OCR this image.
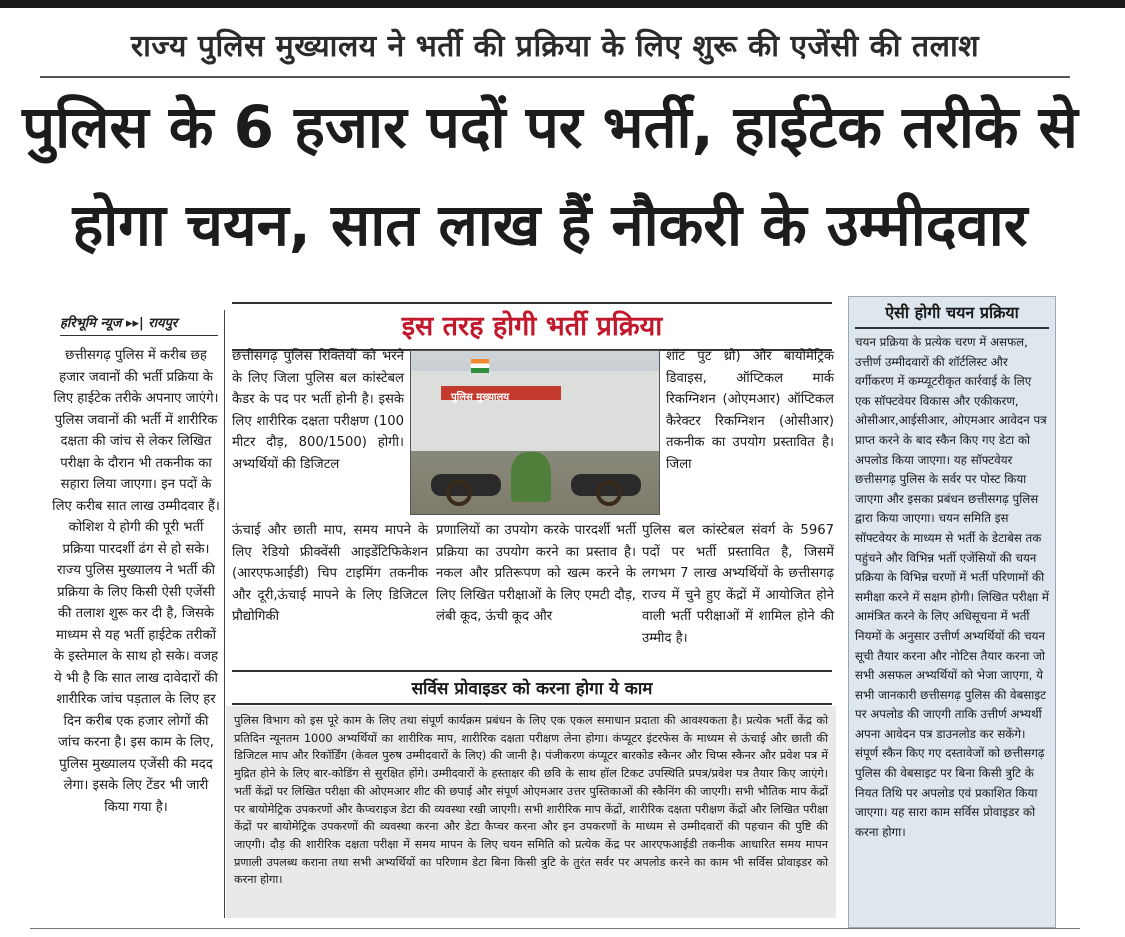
राज्य पुलिस मुख्यालय ने भर्ती की प्रक्रिया के लिए शुरू की एजेंसी की तलाश
पुलिस के 6 हजार पदों पर भर्ती, हाईटेक तरीके से
होगा चयन, सात लाख हैं नौकरी के उम्मीदवार
हरिभूमि न्यूज ▸▸| रायपुर
छत्तीसगढ़ पुलिस में करीब छह हजार जवानों की भर्ती प्रक्रिया के लिए हाईटेक तरीके अपनाए जाएंगे। पुलिस जवानों की भर्ती में शारीरिक दक्षता की जांच से लेकर लिखित परीक्षा के दौरान भी तकनीक का सहारा लिया जाएगा। इन पदों के लिए करीब सात लाख उम्मीदवार हैं। कोशिश ये होगी की पूरी भर्ती प्रक्रिया पारदर्शी ढंग से हो सके। राज्य पुलिस मुख्यालय ने भर्ती की प्रक्रिया के लिए किसी ऐसी एजेंसी की तलाश शुरू कर दी है, जिसके माध्यम से यह भर्ती हाईटेक तरीकों के इस्तेमाल के साथ हो सके। वजह ये भी है कि सात लाख दावेदारों की शारीरिक जांच पड़ताल के लिए हर दिन करीब एक हजार लोगों की जांच करना है। इस काम के लिए, पुलिस मुख्यालय एजेंसी की मदद लेगा। इसके लिए टेंडर भी जारी किया गया है।
इस तरह होगी भर्ती प्रक्रिया
छत्तीसगढ़ पुलिस रिक्तियों को भरने के लिए जिला पुलिस बल कांस्टेबल कैडर के पद पर भर्ती होनी है। इसके लिए शारीरिक दक्षता परीक्षण (100 मीटर दौड़, 800/1500) होगी। अभ्यर्थियों की डिजिटल
पुलिस मुख्यालय
शॉट पुट थ्रो) और बायोमेट्रिक डिवाइस, ऑप्टिकल मार्क रिकग्निशन (ओएमआर) ऑप्टिकल कैरेक्टर रिकग्निशन (ओसीआर) तकनीक का उपयोग प्रस्तावित है। जिला
ऊंचाई और छाती माप, समय मापने के लिए रेडियो फ्रीक्वेंसी आइडेंटिफिकेशन (आरएफआईडी) चिप टाइमिंग तकनीक और दूरी,ऊंचाई मापने के लिए डिजिटल प्रौद्योगिकी
प्रणालियों का उपयोग करके पारदर्शी भर्ती प्रक्रिया का उपयोग करने का प्रस्ताव है। नकल और प्रतिरूपण को खत्म करने के लिए लिखित परीक्षाओं के लिए एमटी दौड़, लंबी कूद, ऊंची कूद और
पुलिस बल कांस्टेबल संवर्ग के 5967 पदों पर भर्ती प्रस्तावित है, जिसमें लगभग 7 लाख अभ्यर्थियों के छत्तीसगढ़ राज्य में चुने हुए केंद्रों में आयोजित होने वाली भर्ती परीक्षाओं में शामिल होने की उम्मीद है।
सर्विस प्रोवाइडर को करना होगा ये काम
पुलिस विभाग को इस पूरे काम के लिए तथा संपूर्ण कार्यक्रम प्रबंधन के लिए एक एकल समाधान प्रदाता की आवश्यकता है। प्रत्येक भर्ती केंद्र को प्रतिदिन न्यूनतम 1000 अभ्यर्थियों का शारीरिक माप, शारीरिक दक्षता परीक्षण लेना होगा। कंप्यूटर इंटरफेस के माध्यम से ऊंचाई और छाती की डिजिटल माप और रिकॉर्डिंग (केवल पुरुष उम्मीदवारों के लिए) की जानी है। पंजीकरण कंप्यूटर बारकोड स्कैनर और चिप्स स्कैनर और प्रवेश पत्र में मुद्रित होने के लिए बार-कोडिंग से सुरक्षित होंगे। उम्मीदवारों के हस्ताक्षर की छवि के साथ हॉल टिकट उपस्थिति प्रपत्र/प्रवेश पत्र तैयार किए जाएंगे। भर्ती केंद्रों पर लिखित परीक्षा की ओएमआर शीट की छपाई और संपूर्ण ओएमआर उत्तर पुस्तिकाओं की स्कैनिंग की जाएगी। सभी भौतिक माप केंद्रों पर बायोमेट्रिक उपकरणों और कैप्चराइज डेटा की व्यवस्था रखी जाएगी। सभी शारीरिक माप केंद्रों, शारीरिक दक्षता परीक्षण केंद्रों और लिखित परीक्षा केंद्रों पर बायोमेट्रिक उपकरणों की व्यवस्था करना और डेटा कैप्चर करना और इन उपकरणों के माध्यम से उम्मीदवारों की पहचान की पुष्टि की जाएगी। दौड़ की शारीरिक दक्षता परीक्षा में समय मापन के लिए चयन समिति को प्रत्येक केंद्र पर आरएफआईडी तकनीक आधारित समय मापन प्रणाली उपलब्ध कराना तथा सभी अभ्यर्थियों का परिणाम डेटा बिना किसी त्रुटि के तुरंत सर्वर पर अपलोड करने का काम भी सर्विस प्रोवाइडर को करना होगा।
ऐसी होगी चयन प्रक्रिया
चयन प्रक्रिया के प्रत्येक चरण में असफल, उत्तीर्ण उम्मीदवारों की शॉर्टलिस्ट और वर्गीकरण में कम्प्यूटरीकृत कार्रवाई के लिए एक सॉफ्टवेयर विकास और एकीकरण, ओसीआर,आईसीआर, ओएमआर आवेदन पत्र प्राप्त करने के बाद स्कैन किए गए डेटा को अपलोड किया जाएगा। यह सॉफ्टवेयर छत्तीसगढ़ पुलिस के सर्वर पर पोस्ट किया जाएगा और इसका प्रबंधन छत्तीसगढ़ पुलिस द्वारा किया जाएगा। चयन समिति इस सॉफ्टवेयर के माध्यम से भर्ती के डेटाबेस तक पहुंचने और विभिन्न भर्ती एजेंसियों की चयन प्रक्रिया के विभिन्न चरणों में भर्ती परिणामों की समीक्षा करने में सक्षम होगी। लिखित परीक्षा में आमंत्रित करने के लिए अधिसूचना में भर्ती नियमों के अनुसार उत्तीर्ण अभ्यर्थियों की चयन सूची तैयार करना और नोटिस तैयार करना जो सभी असफल अभ्यर्थियों को भेजा जाएगा, ये सभी जानकारी छत्तीसगढ़ पुलिस की वेबसाइट पर अपलोड की जाएगी ताकि उत्तीर्ण अभ्यर्थी अपना आवेदन पत्र डाउनलोड कर सकेंगे। संपूर्ण स्कैन किए गए दस्तावेजों को छत्तीसगढ़ पुलिस की वेबसाइट पर बिना किसी त्रुटि के नियत तिथि पर अपलोड एवं प्रकाशित किया जाएगा। यह सारा काम सर्विस प्रोवाइडर को करना होगा।
